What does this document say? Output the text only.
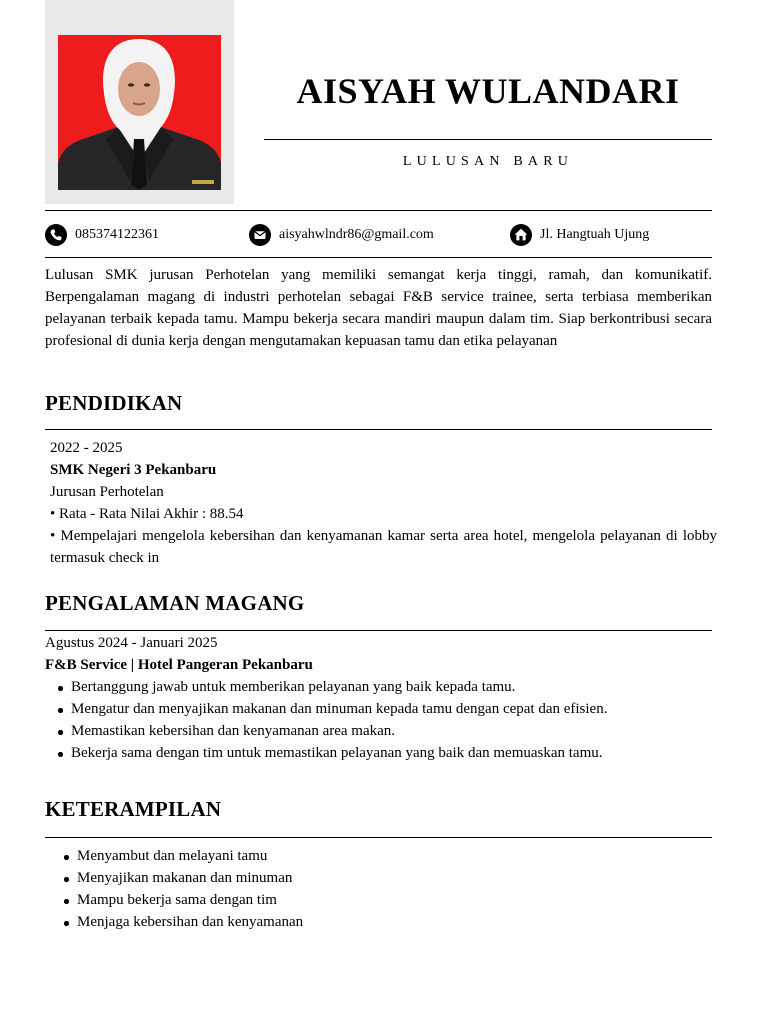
AISYAH WULANDARI
LULUSAN BARU
085374122361	aisyahwlndr86@gmail.com	Jl. Hangtuah Ujung

Lulusan SMK jurusan Perhotelan yang memiliki semangat kerja tinggi, ramah, dan komunikatif. Berpengalaman magang di industri perhotelan sebagai F&B service trainee, serta terbiasa memberikan pelayanan terbaik kepada tamu. Mampu bekerja secara mandiri maupun dalam tim. Siap berkontribusi secara profesional di dunia kerja dengan mengutamakan kepuasan tamu dan etika pelayanan

PENDIDIKAN
2022 - 2025
SMK Negeri 3 Pekanbaru
Jurusan Perhotelan
• Rata - Rata Nilai Akhir : 88.54

• Mempelajari mengelola kebersihan dan kenyamanan kamar serta area hotel, mengelola pelayanan di lobby termasuk check in

PENGALAMAN MAGANG
Agustus 2024 - Januari 2025
F&B Service | Hotel Pangeran Pekanbaru
Bertanggung jawab untuk memberikan pelayanan yang baik kepada tamu.
Mengatur dan menyajikan makanan dan minuman kepada tamu dengan cepat dan efisien.
Memastikan kebersihan dan kenyamanan area makan.
Bekerja sama dengan tim untuk memastikan pelayanan yang baik dan memuaskan tamu.
KETERAMPILAN
Menyambut dan melayani tamu
Menyajikan makanan dan minuman
Mampu bekerja sama dengan tim
Menjaga kebersihan dan kenyamanan
